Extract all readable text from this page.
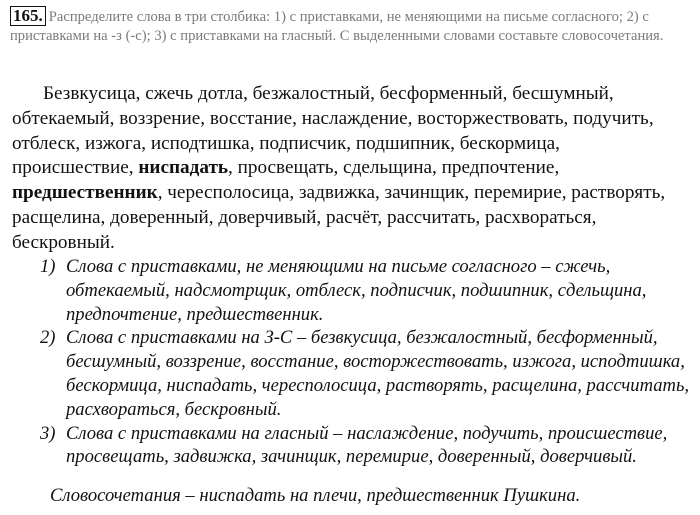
165. Распределите слова в три столбика: 1) с приставками, не меняющими на письме согласного; 2) с приставками на -з (-с); 3) с приставками на гласный. С выделенными словами составьте словосочетания.
Безвкусица, сжечь дотла, безжалостный, бесформенный, бесшумный,
обтекаемый, воззрение, восстание, наслаждение, восторжествовать, подучить,
отблеск, изжога, исподтишка, подписчик, подшипник, бескормица,
происшествие, ниспадать, просвещать, сдельщина, предпочтение,
предшественник, чересполосица, задвижка, зачинщик, перемирие, растворять,
расщелина, доверенный, доверчивый, расчёт, рассчитать, расхвораться,
бескровный.
1) Слова с приставками, не меняющими на письме согласного – сжечь, обтекаемый, надсмотрщик, отблеск, подписчик, подшипник, сдельщина, предпочтение, предшественник.
2) Слова с приставками на З-С – безвкусица, безжалостный, бесформенный, бесшумный, воззрение, восстание, восторжествовать, изжога, исподтишка, бескормица, ниспадать, чересполосица, растворять, расщелина, рассчитать, расхвораться, бескровный.
3) Слова с приставками на гласный – наслаждение, подучить, происшествие, просвещать, задвижка, зачинщик, перемирие, доверенный, доверчивый.
Словосочетания – ниспадать на плечи, предшественник Пушкина.
